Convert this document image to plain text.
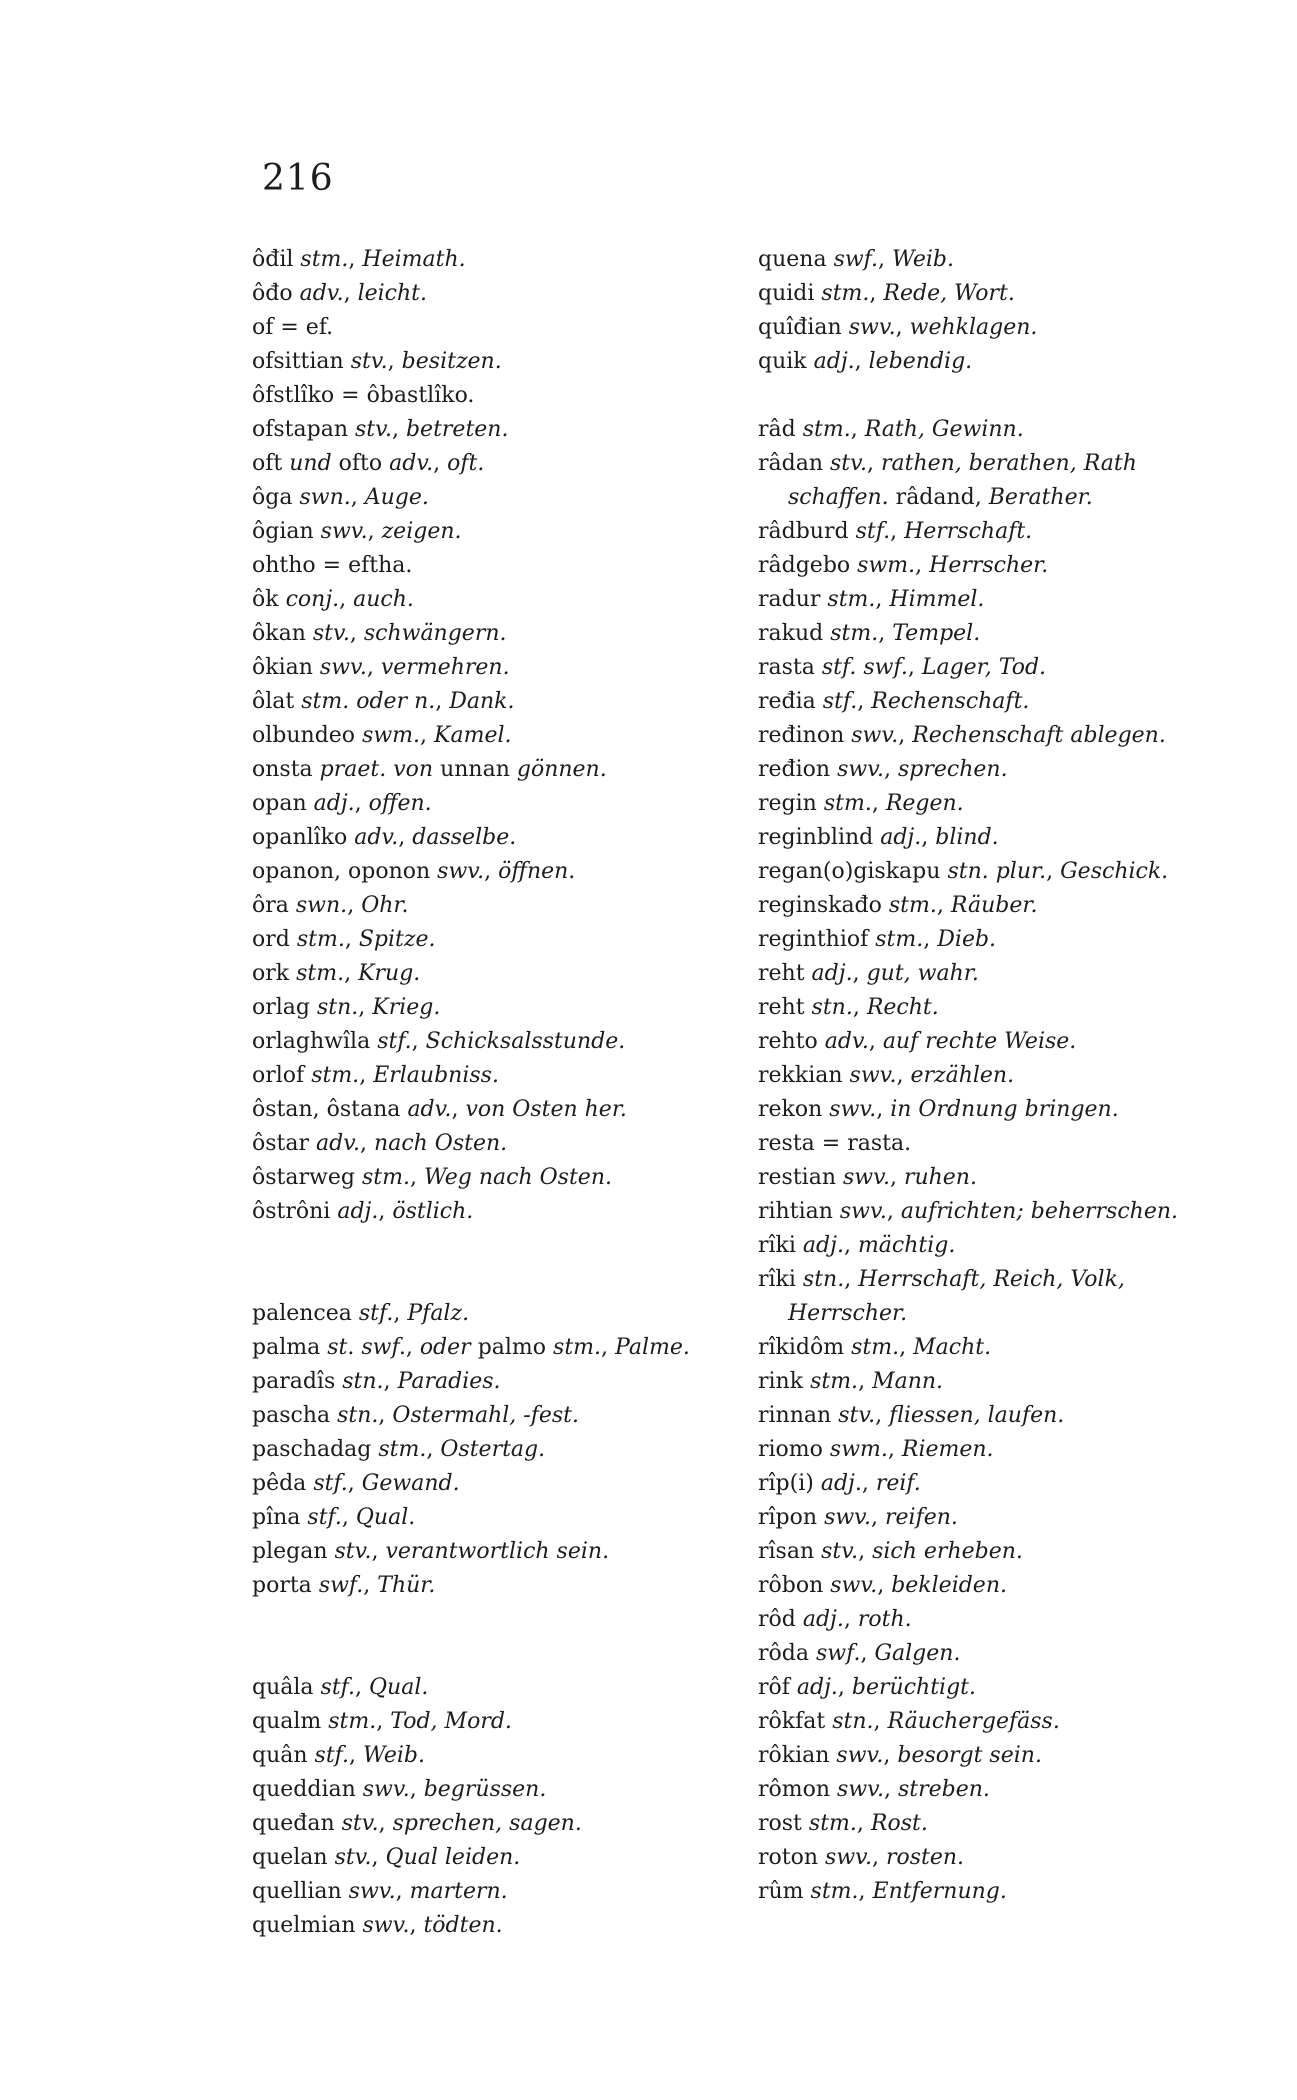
216
ôđil stm., Heimath.
ôđo adv., leicht.
of = ef.
ofsittian stv., besitzen.
ôfstlîko = ôbastlîko.
ofstapan stv., betreten.
oft und ofto adv., oft.
ôga swn., Auge.
ôgian swv., zeigen.
ohtho = eftha.
ôk conj., auch.
ôkan stv., schwängern.
ôkian swv., vermehren.
ôlat stm. oder n., Dank.
olbundeo swm., Kamel.
onsta praet. von unnan gönnen.
opan adj., offen.
opanlîko adv., dasselbe.
opanon, oponon swv., öffnen.
ôra swn., Ohr.
ord stm., Spitze.
ork stm., Krug.
orlag stn., Krieg.
orlaghwîla stf., Schicksalsstunde.
orlof stm., Erlaubniss.
ôstan, ôstana adv., von Osten her.
ôstar adv., nach Osten.
ôstarweg stm., Weg nach Osten.
ôstrôni adj., östlich.
palencea stf., Pfalz.
palma st. swf., oder palmo stm., Palme.
paradîs stn., Paradies.
pascha stn., Ostermahl, -fest.
paschadag stm., Ostertag.
pêda stf., Gewand.
pîna stf., Qual.
plegan stv., verantwortlich sein.
porta swf., Thür.
quâla stf., Qual.
qualm stm., Tod, Mord.
quân stf., Weib.
queddian swv., begrüssen.
queđan stv., sprechen, sagen.
quelan stv., Qual leiden.
quellian swv., martern.
quelmian swv., tödten.
quena swf., Weib.
quidi stm., Rede, Wort.
quîđian swv., wehklagen.
quik adj., lebendig.
râd stm., Rath, Gewinn.
râdan stv., rathen, berathen, Rath
schaffen. râdand, Berather.
râdburd stf., Herrschaft.
râdgebo swm., Herrscher.
radur stm., Himmel.
rakud stm., Tempel.
rasta stf. swf., Lager, Tod.
ređia stf., Rechenschaft.
ređinon swv., Rechenschaft ablegen.
ređion swv., sprechen.
regin stm., Regen.
reginblind adj., blind.
regan(o)giskapu stn. plur., Geschick.
reginskađo stm., Räuber.
reginthiof stm., Dieb.
reht adj., gut, wahr.
reht stn., Recht.
rehto adv., auf rechte Weise.
rekkian swv., erzählen.
rekon swv., in Ordnung bringen.
resta = rasta.
restian swv., ruhen.
rihtian swv., aufrichten; beherrschen.
rîki adj., mächtig.
rîki stn., Herrschaft, Reich, Volk,
Herrscher.
rîkidôm stm., Macht.
rink stm., Mann.
rinnan stv., fliessen, laufen.
riomo swm., Riemen.
rîp(i) adj., reif.
rîpon swv., reifen.
rîsan stv., sich erheben.
rôbon swv., bekleiden.
rôd adj., roth.
rôda swf., Galgen.
rôf adj., berüchtigt.
rôkfat stn., Räuchergefäss.
rôkian swv., besorgt sein.
rômon swv., streben.
rost stm., Rost.
roton swv., rosten.
rûm stm., Entfernung.
